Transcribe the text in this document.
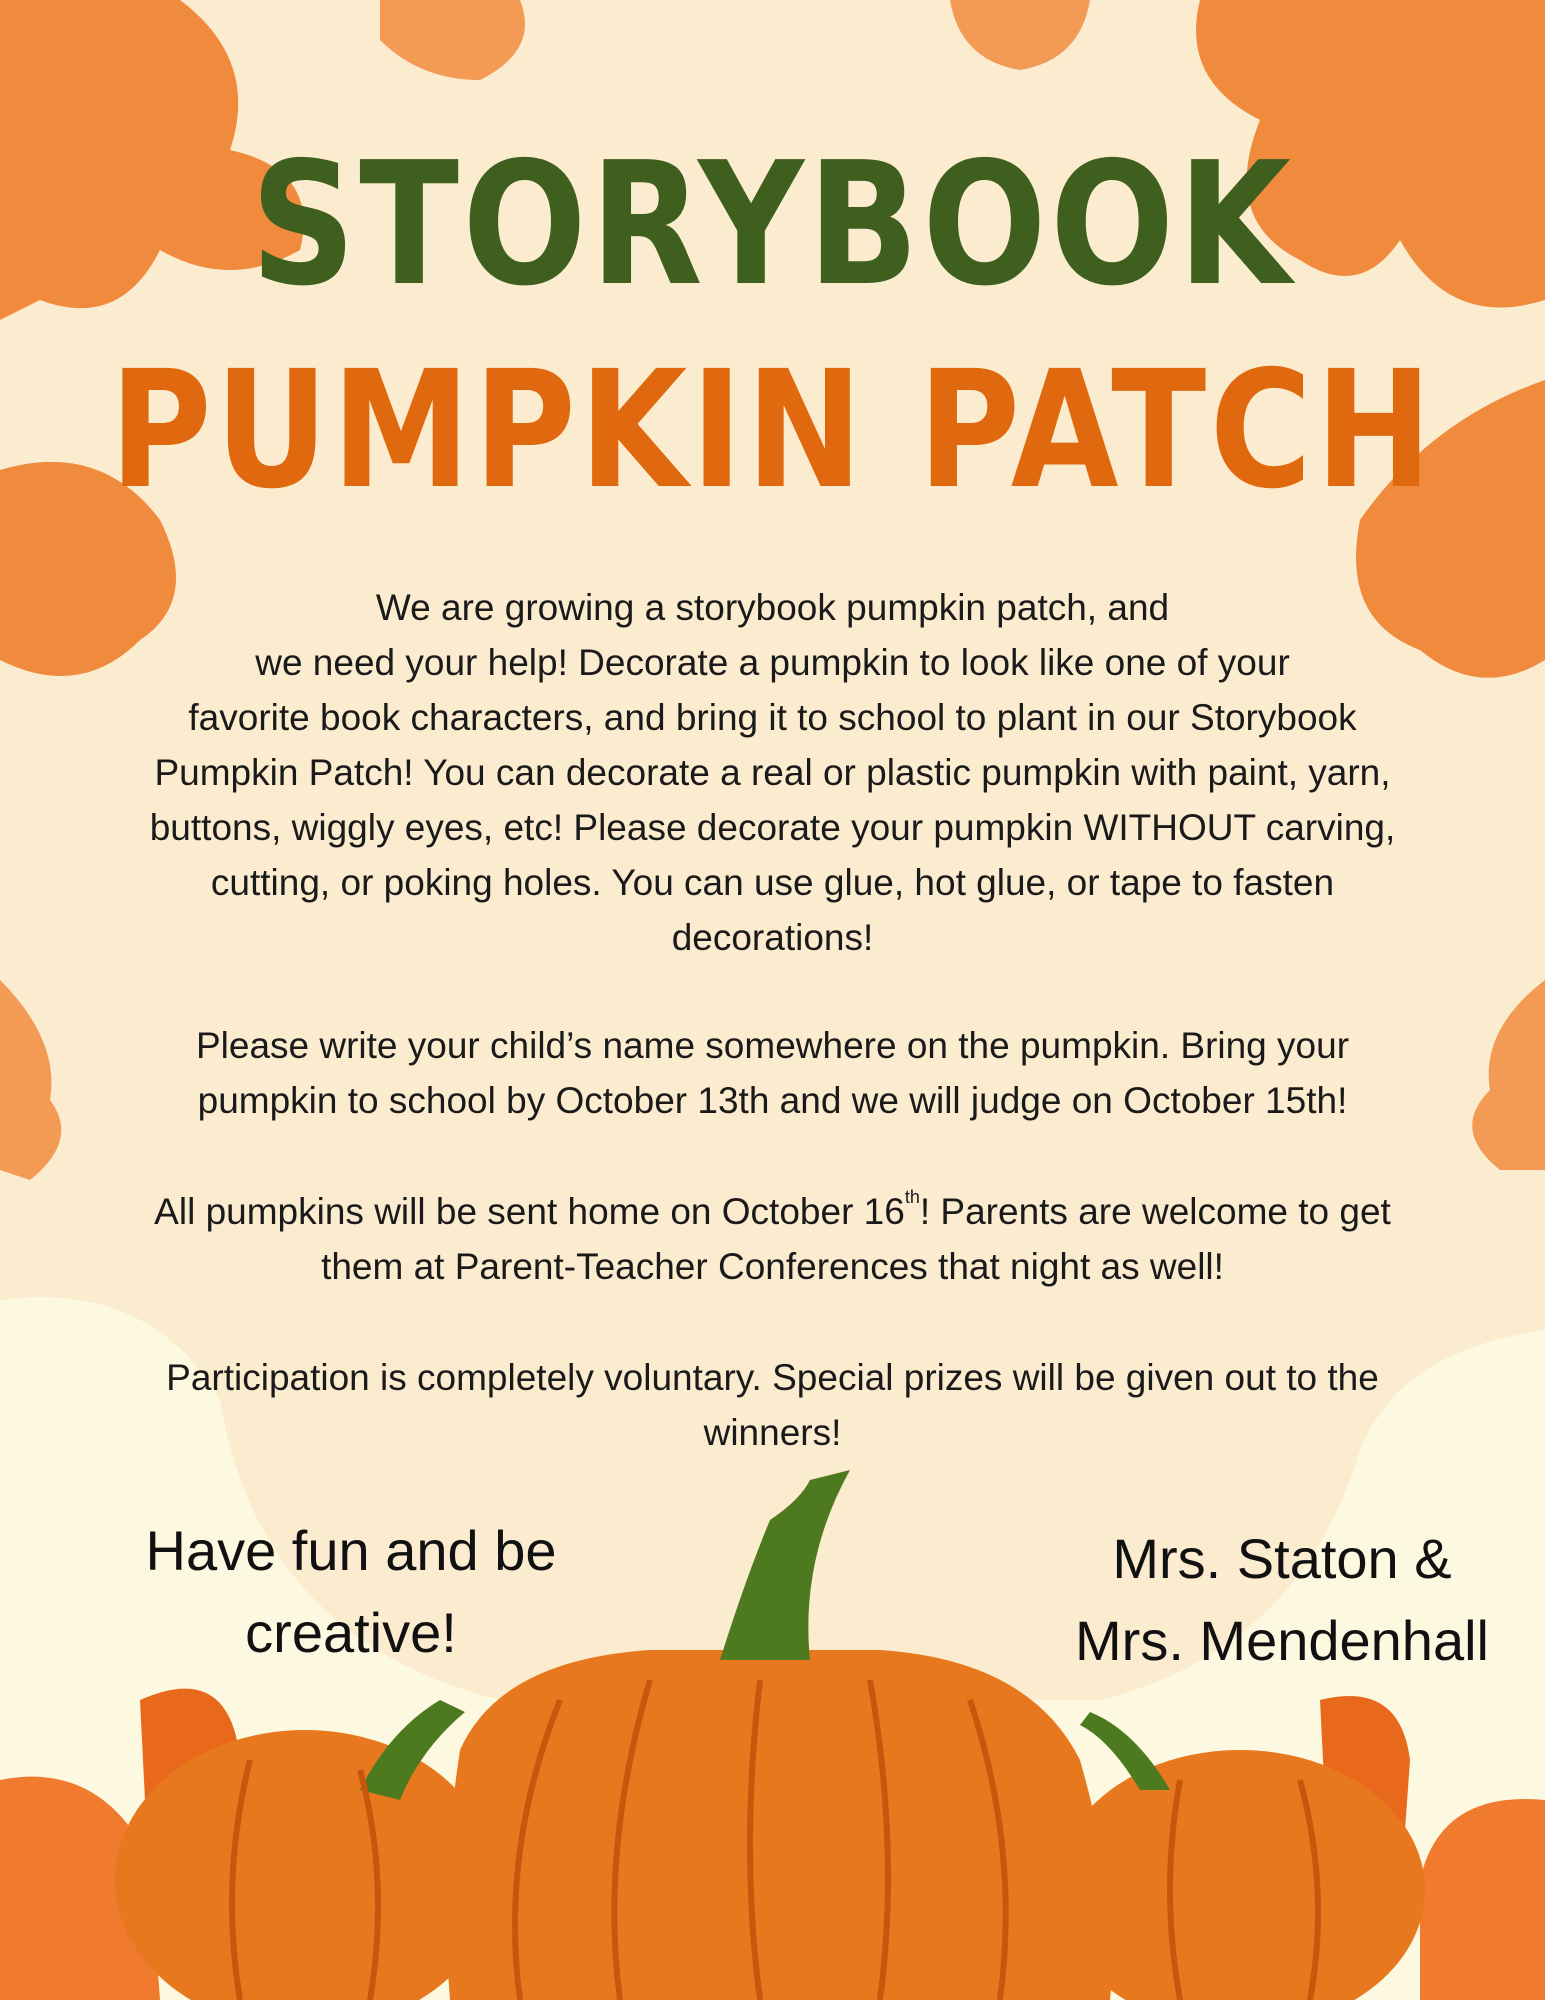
STORYBOOK
PUMPKIN PATCH
We are growing a storybook pumpkin patch, and
we need your help! Decorate a pumpkin to look like one of your
favorite book characters, and bring it to school to plant in our Storybook
Pumpkin Patch! You can decorate a real or plastic pumpkin with paint, yarn,
buttons, wiggly eyes, etc! Please decorate your pumpkin WITHOUT carving,
cutting, or poking holes. You can use glue, hot glue, or tape to fasten
decorations!
Please write your child’s name somewhere on the pumpkin. Bring your
pumpkin to school by October 13th and we will judge on October 15th!
All pumpkins will be sent home on October 16th! Parents are welcome to get
them at Parent-Teacher Conferences that night as well!
Participation is completely voluntary. Special prizes will be given out to the
winners!
Have fun and be
creative!
Mrs. Staton &
Mrs. Mendenhall
